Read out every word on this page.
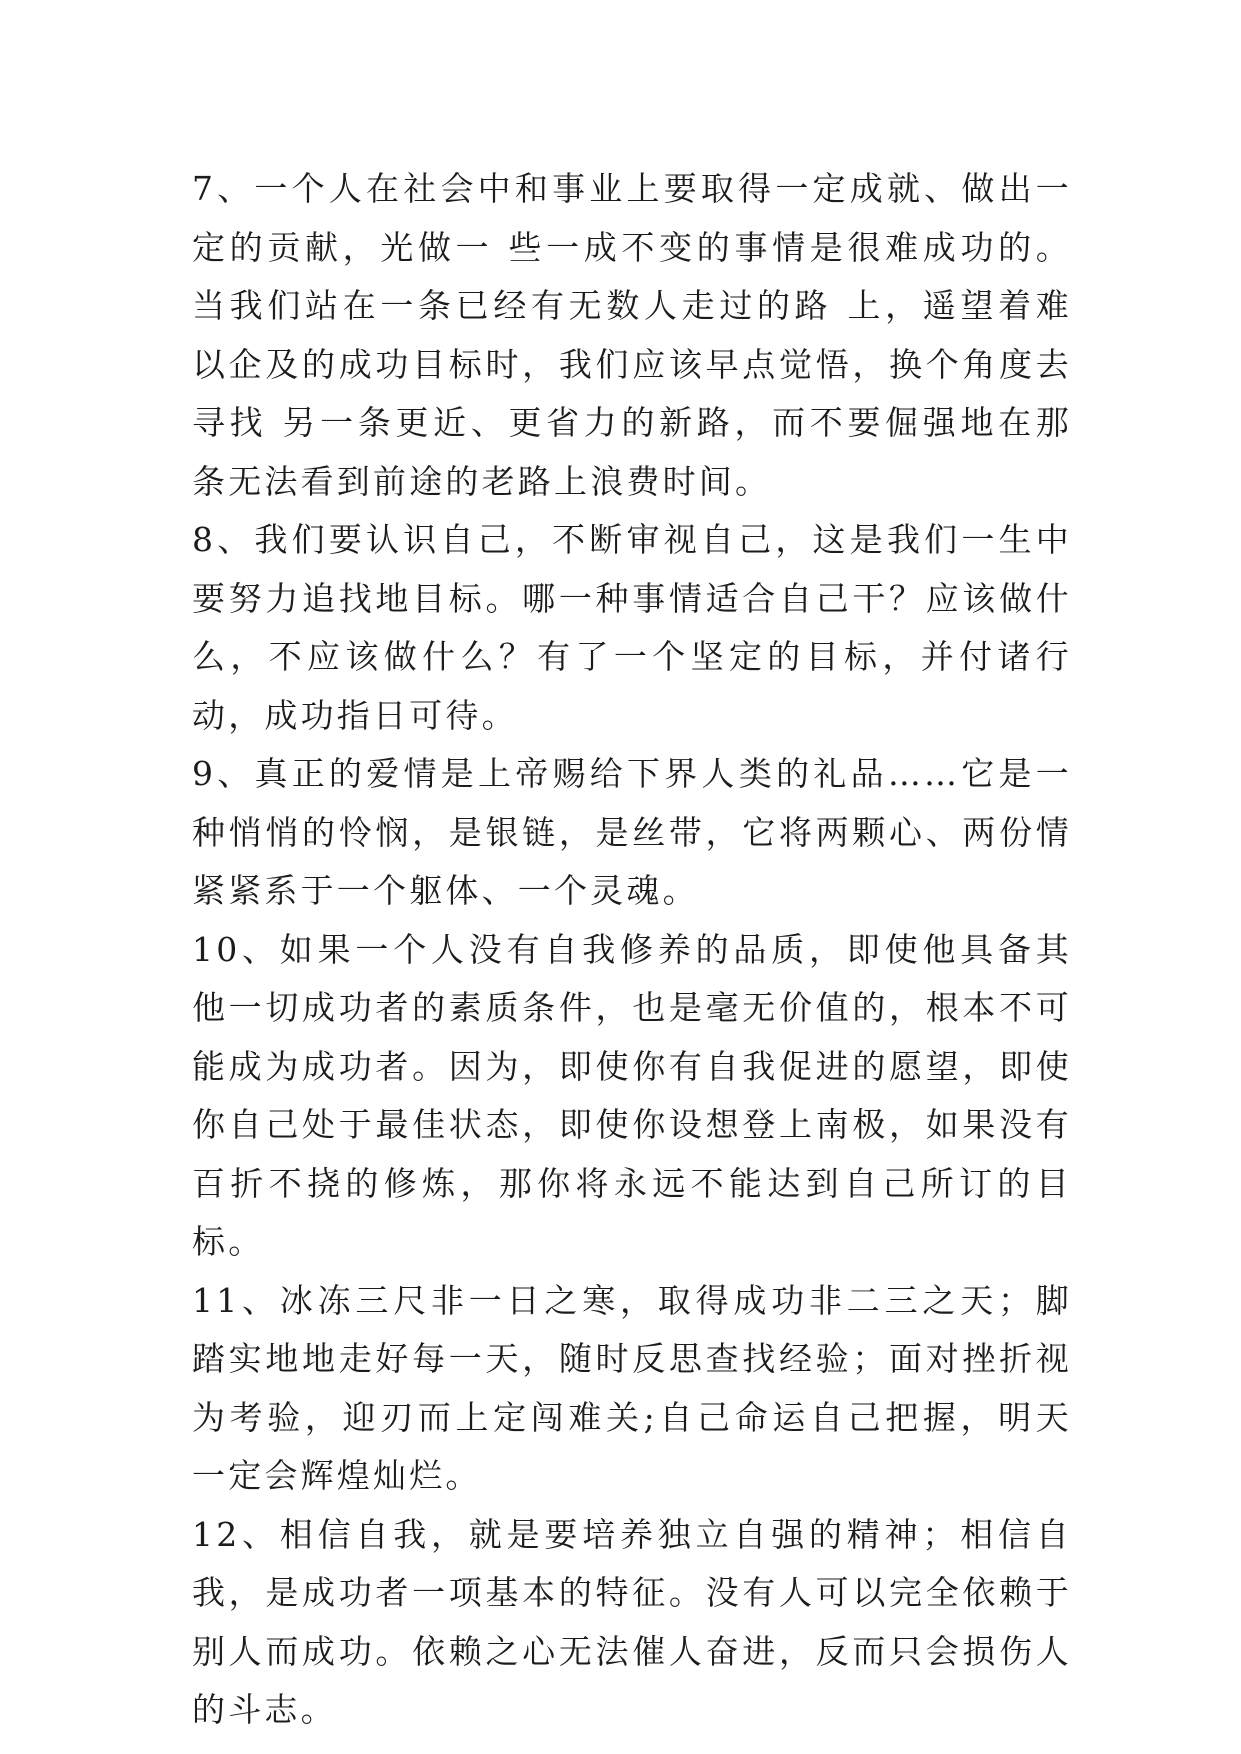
7、一个人在社会中和事业上要取得一定成就、做出一定的贡献，光做一 些一成不变的事情是很难成功的。当我们站在一条已经有无数人走过的路 上，遥望着难以企及的成功目标时，我们应该早点觉悟，换个角度去寻找 另一条更近、更省力的新路，而不要倔强地在那条无法看到前途的老路上浪费时间。

8、我们要认识自己，不断审视自己，这是我们一生中要努力追找地目标。哪一种事情适合自己干？应该做什么，不应该做什么？有了一个坚定的目标，并付诸行动，成功指日可待。

9、真正的爱情是上帝赐给下界人类的礼品……它是一种悄悄的怜悯，是银链，是丝带，它将两颗心、两份情紧紧系于一个躯体、一个灵魂。

10、如果一个人没有自我修养的品质，即使他具备其他一切成功者的素质条件，也是毫无价值的，根本不可能成为成功者。因为，即使你有自我促进的愿望，即使你自己处于最佳状态，即使你设想登上南极，如果没有百折不挠的修炼，那你将永远不能达到自己所订的目标。

11、冰冻三尺非一日之寒，取得成功非二三之天；脚踏实地地走好每一天，随时反思查找经验；面对挫折视为考验，迎刃而上定闯难关;自己命运自己把握，明天一定会辉煌灿烂。

12、相信自我，就是要培养独立自强的精神；相信自我，是成功者一项基本的特征。没有人可以完全依赖于别人而成功。依赖之心无法催人奋进，反而只会损伤人的斗志。
